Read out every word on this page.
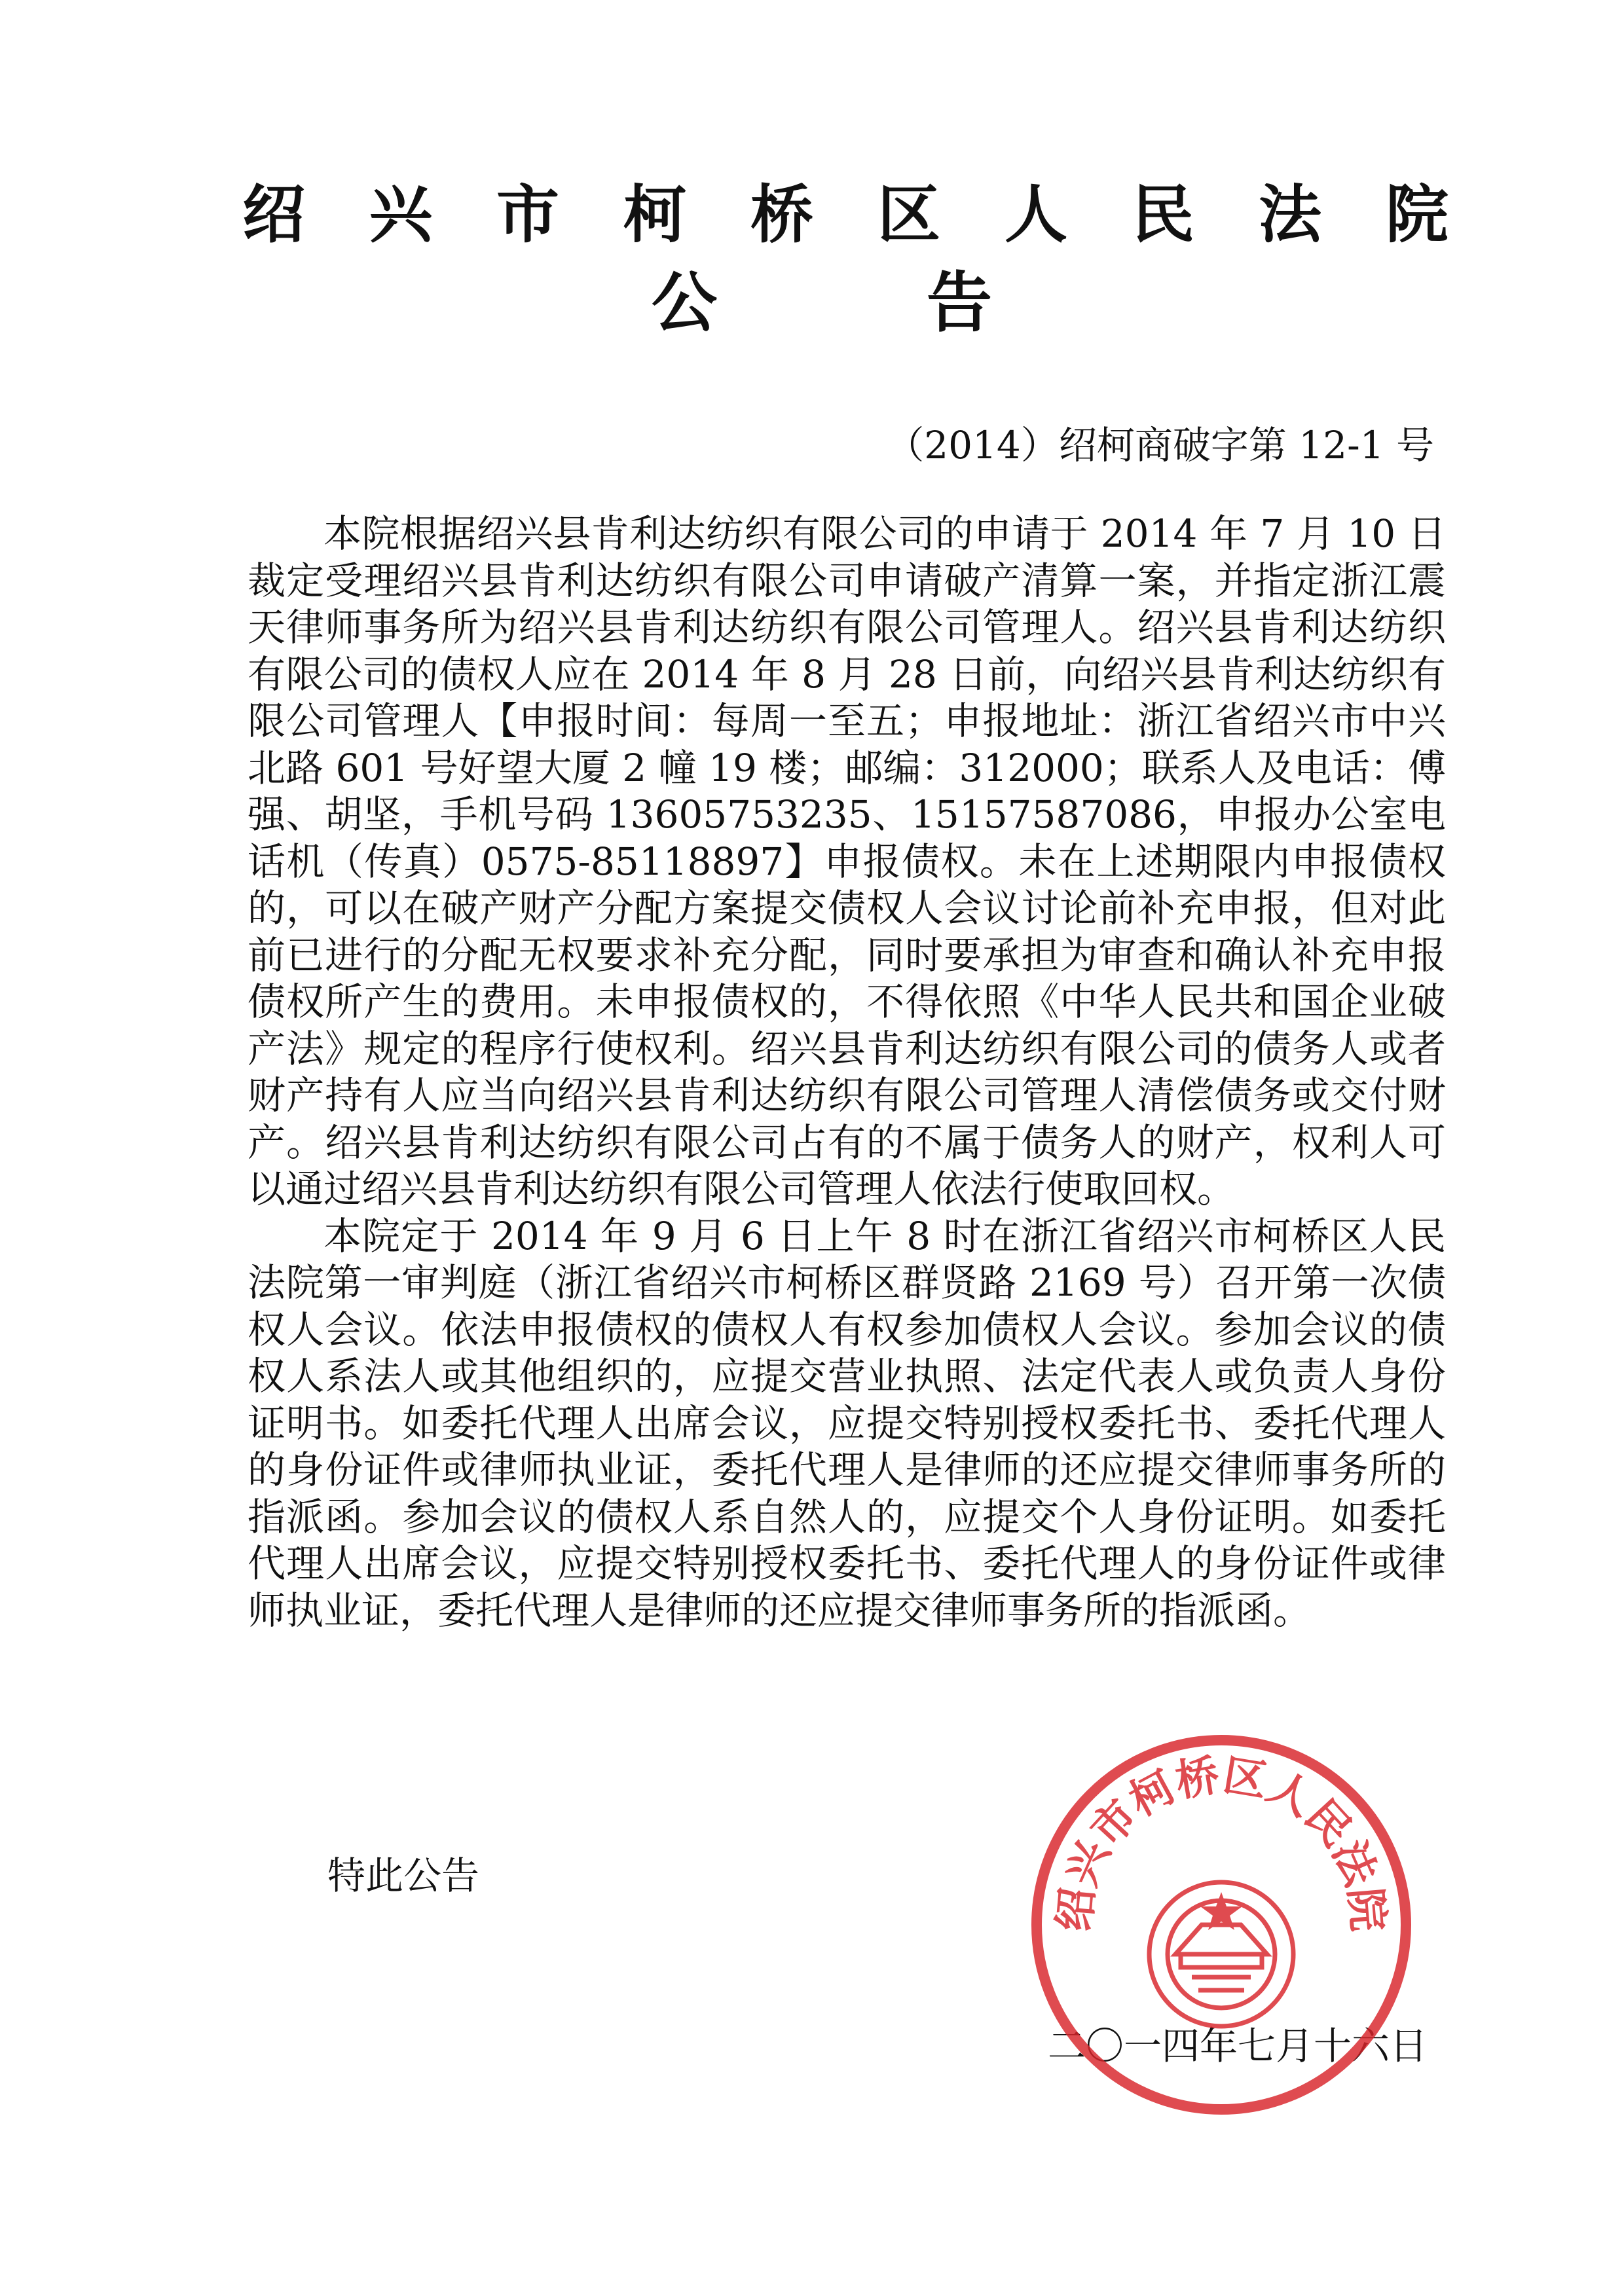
绍兴市柯桥区人民法院
公告
（2014）绍柯商破字第 12-1 号

本院根据绍兴县肯利达纺织有限公司的申请于 2014 年 7 月 10 日裁定受理绍兴县肯利达纺织有限公司申请破产清算一案，并指定浙江震天律师事务所为绍兴县肯利达纺织有限公司管理人。绍兴县肯利达纺织有限公司的债权人应在 2014 年 8 月 28 日前，向绍兴县肯利达纺织有限公司管理人【申报时间：每周一至五；申报地址：浙江省绍兴市中兴北路 601 号好望大厦 2 幢 19 楼；邮编：312000；联系人及电话：傅强、胡坚，手机号码 13605753235、15157587086，申报办公室电话机（传真）0575-85118897】申报债权。未在上述期限内申报债权的，可以在破产财产分配方案提交债权人会议讨论前补充申报，但对此前已进行的分配无权要求补充分配，同时要承担为审查和确认补充申报债权所产生的费用。未申报债权的，不得依照《中华人民共和国企业破产法》规定的程序行使权利。绍兴县肯利达纺织有限公司的债务人或者财产持有人应当向绍兴县肯利达纺织有限公司管理人清偿债务或交付财产。绍兴县肯利达纺织有限公司占有的不属于债务人的财产，权利人可以通过绍兴县肯利达纺织有限公司管理人依法行使取回权。

本院定于 2014 年 9 月 6 日上午 8 时在浙江省绍兴市柯桥区人民法院第一审判庭（浙江省绍兴市柯桥区群贤路 2169 号）召开第一次债权人会议。依法申报债权的债权人有权参加债权人会议。参加会议的债权人系法人或其他组织的，应提交营业执照、法定代表人或负责人身份证明书。如委托代理人出席会议，应提交特别授权委托书、委托代理人的身份证件或律师执业证，委托代理人是律师的还应提交律师事务所的指派函。参加会议的债权人系自然人的，应提交个人身份证明。如委托代理人出席会议，应提交特别授权委托书、委托代理人的身份证件或律师执业证，委托代理人是律师的还应提交律师事务所的指派函。

特此公告
二〇一四年七月十六日
绍兴市柯桥区人民法院
